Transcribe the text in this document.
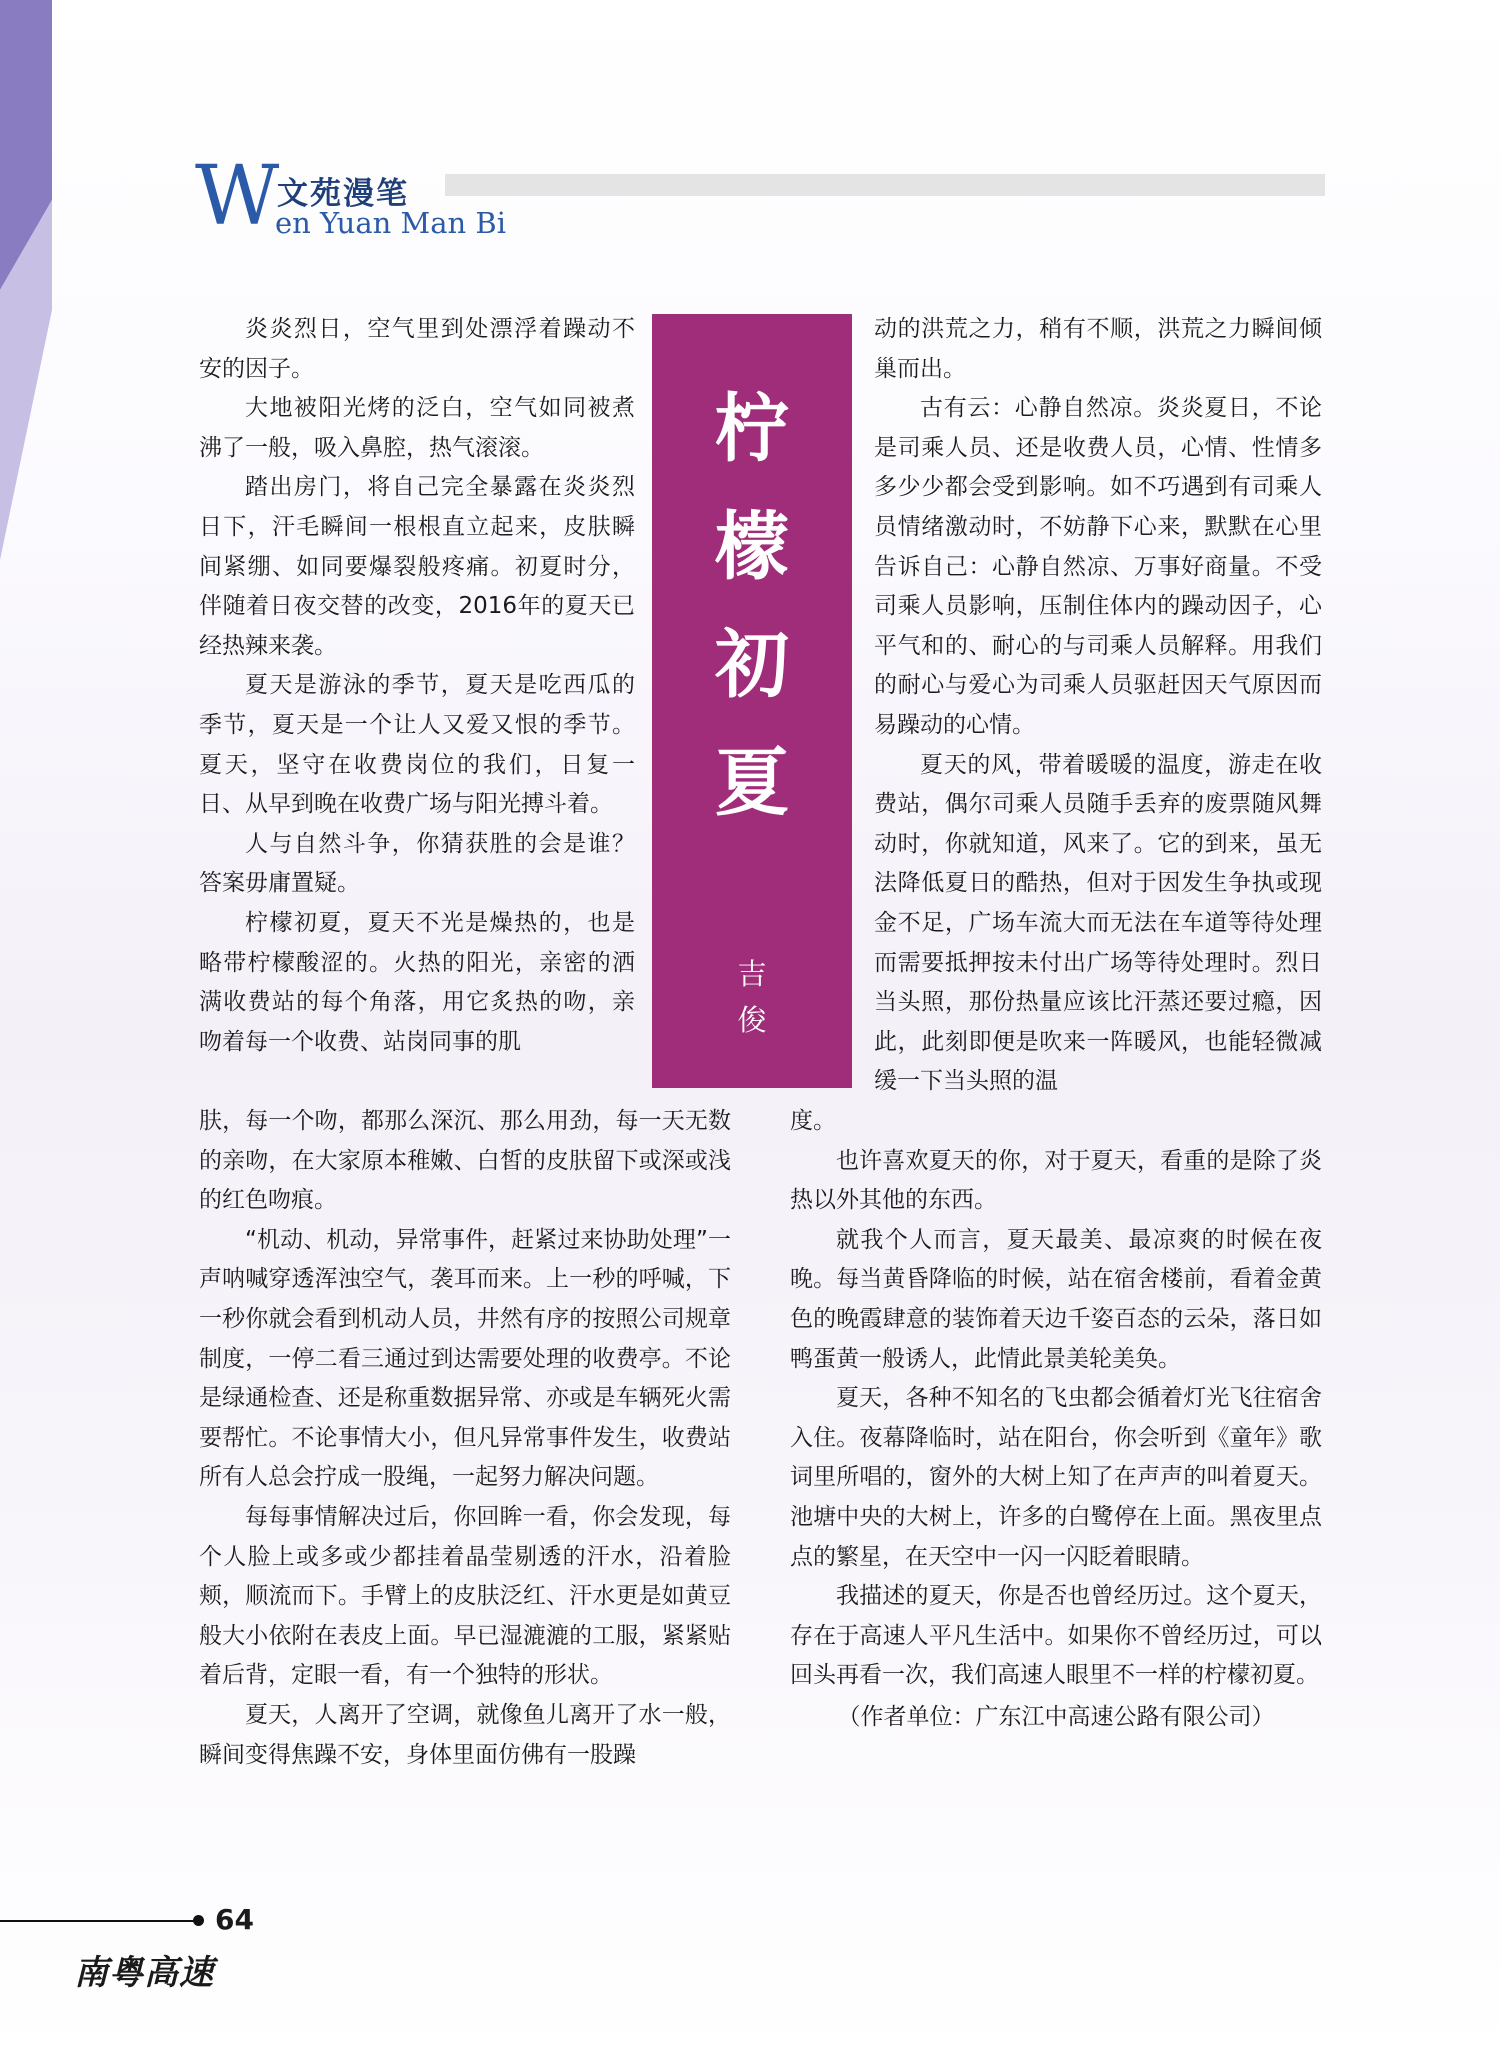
W
文苑漫笔
en Yuan Man Bi

炎炎烈日，空气里到处漂浮着躁动不安的因子。

大地被阳光烤的泛白，空气如同被煮沸了一般，吸入鼻腔，热气滚滚。

踏出房门，将自己完全暴露在炎炎烈日下，汗毛瞬间一根根直立起来，皮肤瞬间紧绷、如同要爆裂般疼痛。初夏时分，伴随着日夜交替的改变，2016年的夏天已经热辣来袭。

夏天是游泳的季节，夏天是吃西瓜的季节，夏天是一个让人又爱又恨的季节。夏天，坚守在收费岗位的我们，日复一日、从早到晚在收费广场与阳光搏斗着。

人与自然斗争，你猜获胜的会是谁？答案毋庸置疑。

柠檬初夏，夏天不光是燥热的，也是略带柠檬酸涩的。火热的阳光，亲密的洒满收费站的每个角落，用它炙热的吻，亲吻着每一个收费、站岗同事的肌

肤，每一个吻，都那么深沉、那么用劲，每一天无数的亲吻，在大家原本稚嫩、白皙的皮肤留下或深或浅的红色吻痕。

“机动、机动，异常事件，赶紧过来协助处理”一声呐喊穿透浑浊空气，袭耳而来。上一秒的呼喊，下一秒你就会看到机动人员，井然有序的按照公司规章制度，一停二看三通过到达需要处理的收费亭。不论是绿通检查、还是称重数据异常、亦或是车辆死火需要帮忙。不论事情大小，但凡异常事件发生，收费站所有人总会拧成一股绳，一起努力解决问题。

每每事情解决过后，你回眸一看，你会发现，每个人脸上或多或少都挂着晶莹剔透的汗水，沿着脸颊，顺流而下。手臂上的皮肤泛红、汗水更是如黄豆般大小依附在表皮上面。早已湿漉漉的工服，紧紧贴着后背，定眼一看，有一个独特的形状。

夏天，人离开了空调，就像鱼儿离开了水一般，瞬间变得焦躁不安，身体里面仿佛有一股躁

动的洪荒之力，稍有不顺，洪荒之力瞬间倾巢而出。

古有云：心静自然凉。炎炎夏日，不论是司乘人员、还是收费人员，心情、性情多多少少都会受到影响。如不巧遇到有司乘人员情绪激动时，不妨静下心来，默默在心里告诉自己：心静自然凉、万事好商量。不受司乘人员影响，压制住体内的躁动因子，心平气和的、耐心的与司乘人员解释。用我们的耐心与爱心为司乘人员驱赶因天气原因而易躁动的心情。

夏天的风，带着暖暖的温度，游走在收费站，偶尔司乘人员随手丢弃的废票随风舞动时，你就知道，风来了。它的到来，虽无法降低夏日的酷热，但对于因发生争执或现金不足，广场车流大而无法在车道等待处理而需要抵押按未付出广场等待处理时。烈日当头照，那份热量应该比汗蒸还要过瘾，因此，此刻即便是吹来一阵暖风，也能轻微减缓一下当头照的温

度。

也许喜欢夏天的你，对于夏天，看重的是除了炎热以外其他的东西。

就我个人而言，夏天最美、最凉爽的时候在夜晚。每当黄昏降临的时候，站在宿舍楼前，看着金黄色的晚霞肆意的装饰着天边千姿百态的云朵，落日如鸭蛋黄一般诱人，此情此景美轮美奂。

夏天，各种不知名的飞虫都会循着灯光飞往宿舍入住。夜幕降临时，站在阳台，你会听到《童年》歌词里所唱的，窗外的大树上知了在声声的叫着夏天。池塘中央的大树上，许多的白鹭停在上面。黑夜里点点的繁星，在天空中一闪一闪眨着眼睛。

我描述的夏天，你是否也曾经历过。这个夏天，存在于高速人平凡生活中。如果你不曾经历过，可以回头再看一次，我们高速人眼里不一样的柠檬初夏。

（作者单位：广东江中高速公路有限公司）

柠
檬
初
夏
吉
俊
64
南粤高速
